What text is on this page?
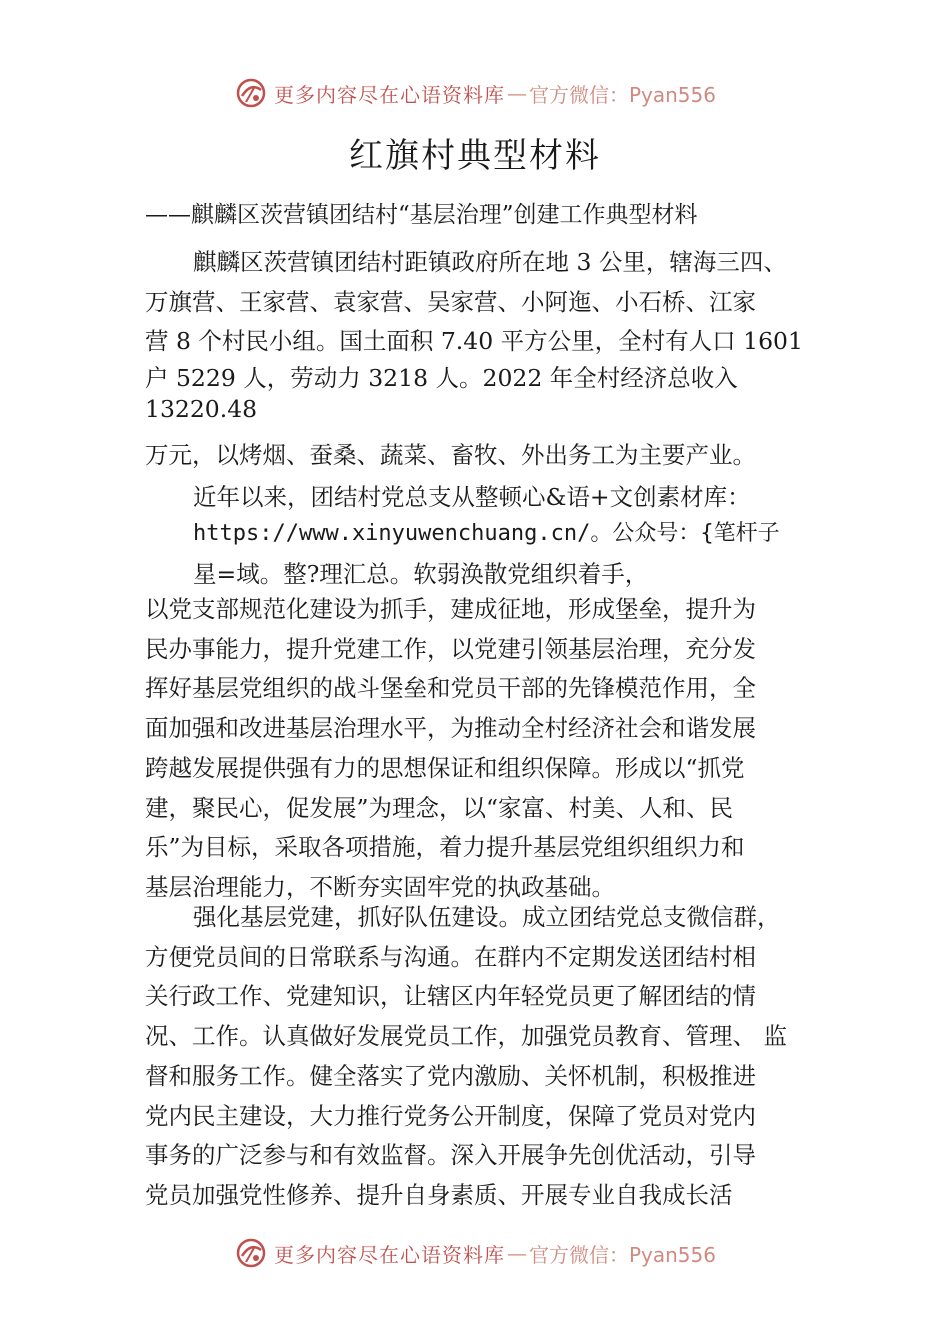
更多内容尽在心语资料库 — 官方微信：Pyan556
红旗村典型材料
——麒麟区茨营镇团结村“基层治理”创建工作典型材料
麒麟区茨营镇团结村距镇政府所在地 3 公里，辖海三四、
万旗营、王家营、袁家营、吴家营、小阿迤、小石桥、江家
营 8 个村民小组。国土面积 7.40 平方公里，全村有人口 1601
户 5229 人，劳动力 3218 人。2022 年全村经济总收入
13220.48
万元，以烤烟、蚕桑、蔬菜、畜牧、外出务工为主要产业。
近年以来，团结村党总支从整顿心&语+文创素材库：
https://www.xinyuwenchuang.cn/。公众号：{笔杆子
星=域。整?理汇总。软弱涣散党组织着手，
以党支部规范化建设为抓手，建成征地，形成堡垒，提升为
民办事能力，提升党建工作，以党建引领基层治理，充分发
挥好基层党组织的战斗堡垒和党员干部的先锋模范作用，全
面加强和改进基层治理水平，为推动全村经济社会和谐发展
跨越发展提供强有力的思想保证和组织保障。形成以“抓党
建，聚民心，促发展”为理念，以“家富、村美、人和、民
乐”为目标，采取各项措施，着力提升基层党组织组织力和
基层治理能力，不断夯实固牢党的执政基础。
强化基层党建，抓好队伍建设。成立团结党总支微信群，
方便党员间的日常联系与沟通。在群内不定期发送团结村相
关行政工作、党建知识，让辖区内年轻党员更了解团结的情
况、工作。认真做好发展党员工作，加强党员教育、管理、 监
督和服务工作。健全落实了党内激励、关怀机制，积极推进
党内民主建设，大力推行党务公开制度，保障了党员对党内
事务的广泛参与和有效监督。深入开展争先创优活动，引导
党员加强党性修养、提升自身素质、开展专业自我成长活
更多内容尽在心语资料库 — 官方微信：Pyan556
